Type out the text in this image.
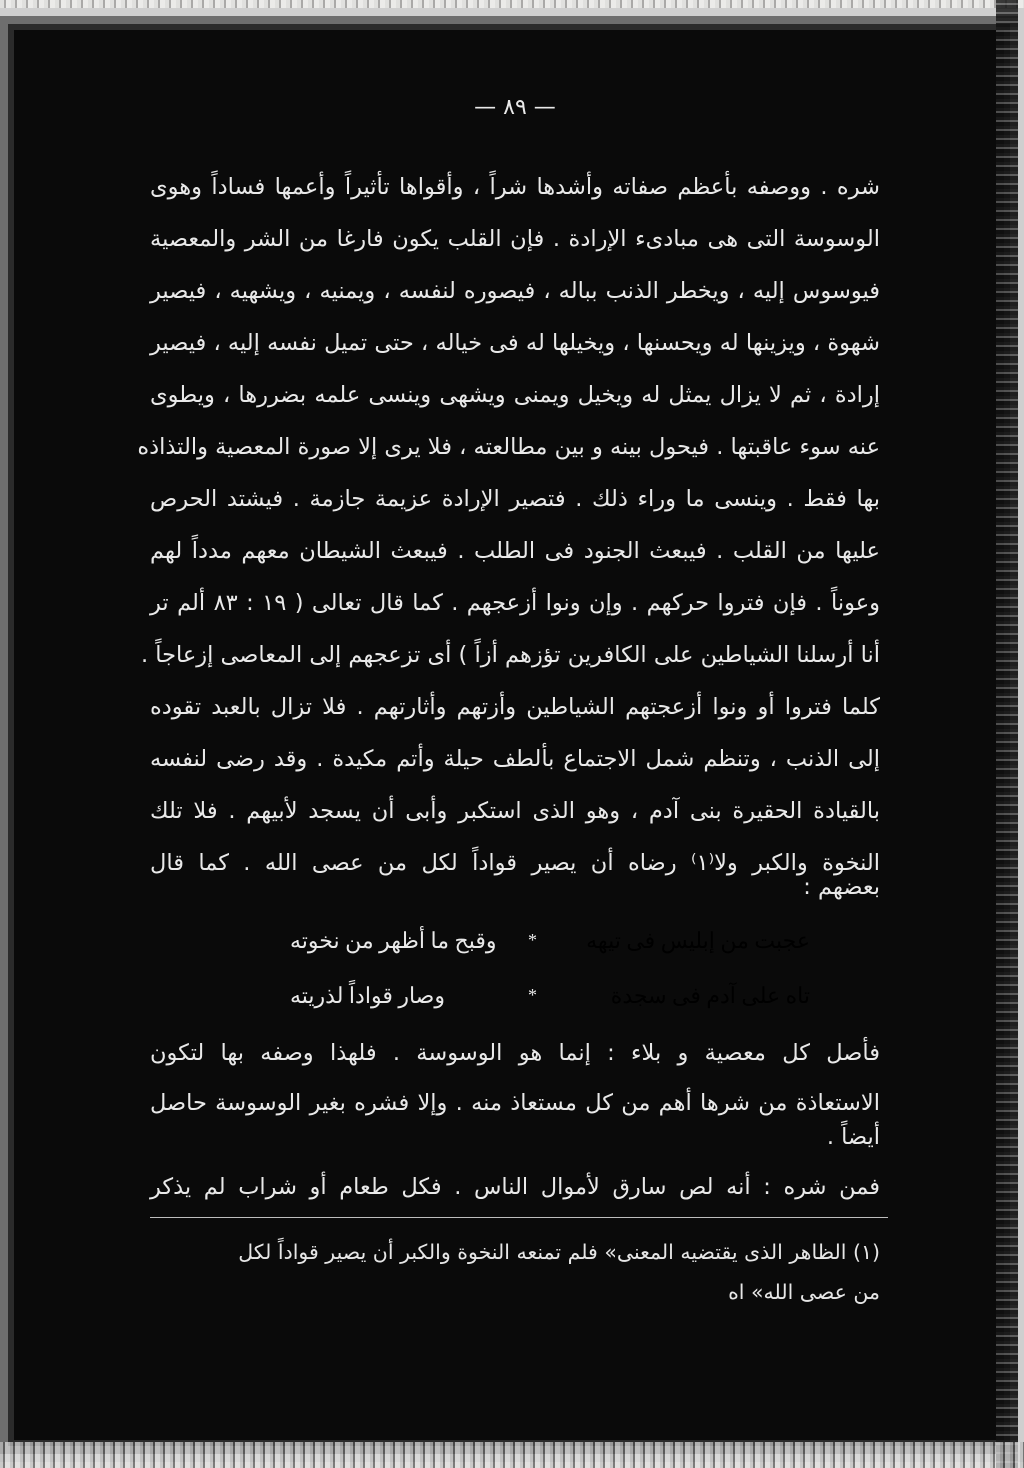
— ٨٩ —
شره . ووصفه بأعظم صفاته وأشدها شراً ، وأقواها تأثيراً وأعمها فساداً وهوى
الوسوسة التى هى مبادىء الإرادة . فإن القلب يكون فارغا من الشر والمعصية
فيوسوس إليه ، ويخطر الذنب بباله ، فيصوره لنفسه ، ويمنيه ، ويشهيه ، فيصير
شهوة ، ويزينها له ويحسنها ، ويخيلها له فى خياله ، حتى تميل نفسه إليه ، فيصير
إرادة ، ثم لا يزال يمثل له ويخيل ويمنى ويشهى وينسى علمه بضررها ، ويطوى
عنه سوء عاقبتها . فيحول بينه و بين مطالعته ، فلا يرى إلا صورة المعصية والتذاذه
بها فقط . وينسى ما وراء ذلك . فتصير الإرادة عزيمة جازمة . فيشتد الحرص
عليها من القلب . فيبعث الجنود فى الطلب . فيبعث الشيطان معهم مدداً لهم
وعوناً . فإن فتروا حركهم . وإن ونوا أزعجهم . كما قال تعالى ( ١٩ : ٨٣ ألم تر
أنا أرسلنا الشياطين على الكافرين تؤزهم أزاً ) أى تزعجهم إلى المعاصى إزعاجاً .
كلما فتروا أو ونوا أزعجتهم الشياطين وأزتهم وأثارتهم . فلا تزال بالعبد تقوده
إلى الذنب ، وتنظم شمل الاجتماع بألطف حيلة وأتم مكيدة . وقد رضى لنفسه
بالقيادة الحقيرة بنى آدم ، وهو الذى استكبر وأبى أن يسجد لأبيهم . فلا تلك
النخوة والكبر ولا⁽١⁾ رضاه أن يصير قواداً لكل من عصى الله . كما قال
بعضهم :
عجبت من إبليس فى تيهه
*
وقبح ما أظهر من نخوته
تاه على آدم فى سجدة
*
وصار قواداً لذريته
فأصل كل معصية و بلاء : إنما هو الوسوسة . فلهذا وصفه بها لتكون
الاستعاذة من شرها أهم من كل مستعاذ منه . وإلا فشره بغير الوسوسة حاصل
أيضاً .
فمن شره : أنه لص سارق لأموال الناس . فكل طعام أو شراب لم يذكر
(١) الظاهر الذى يقتضيه المعنى» فلم تمنعه النخوة والكبر أن يصير قواداً لكل
من عصى الله» اه
